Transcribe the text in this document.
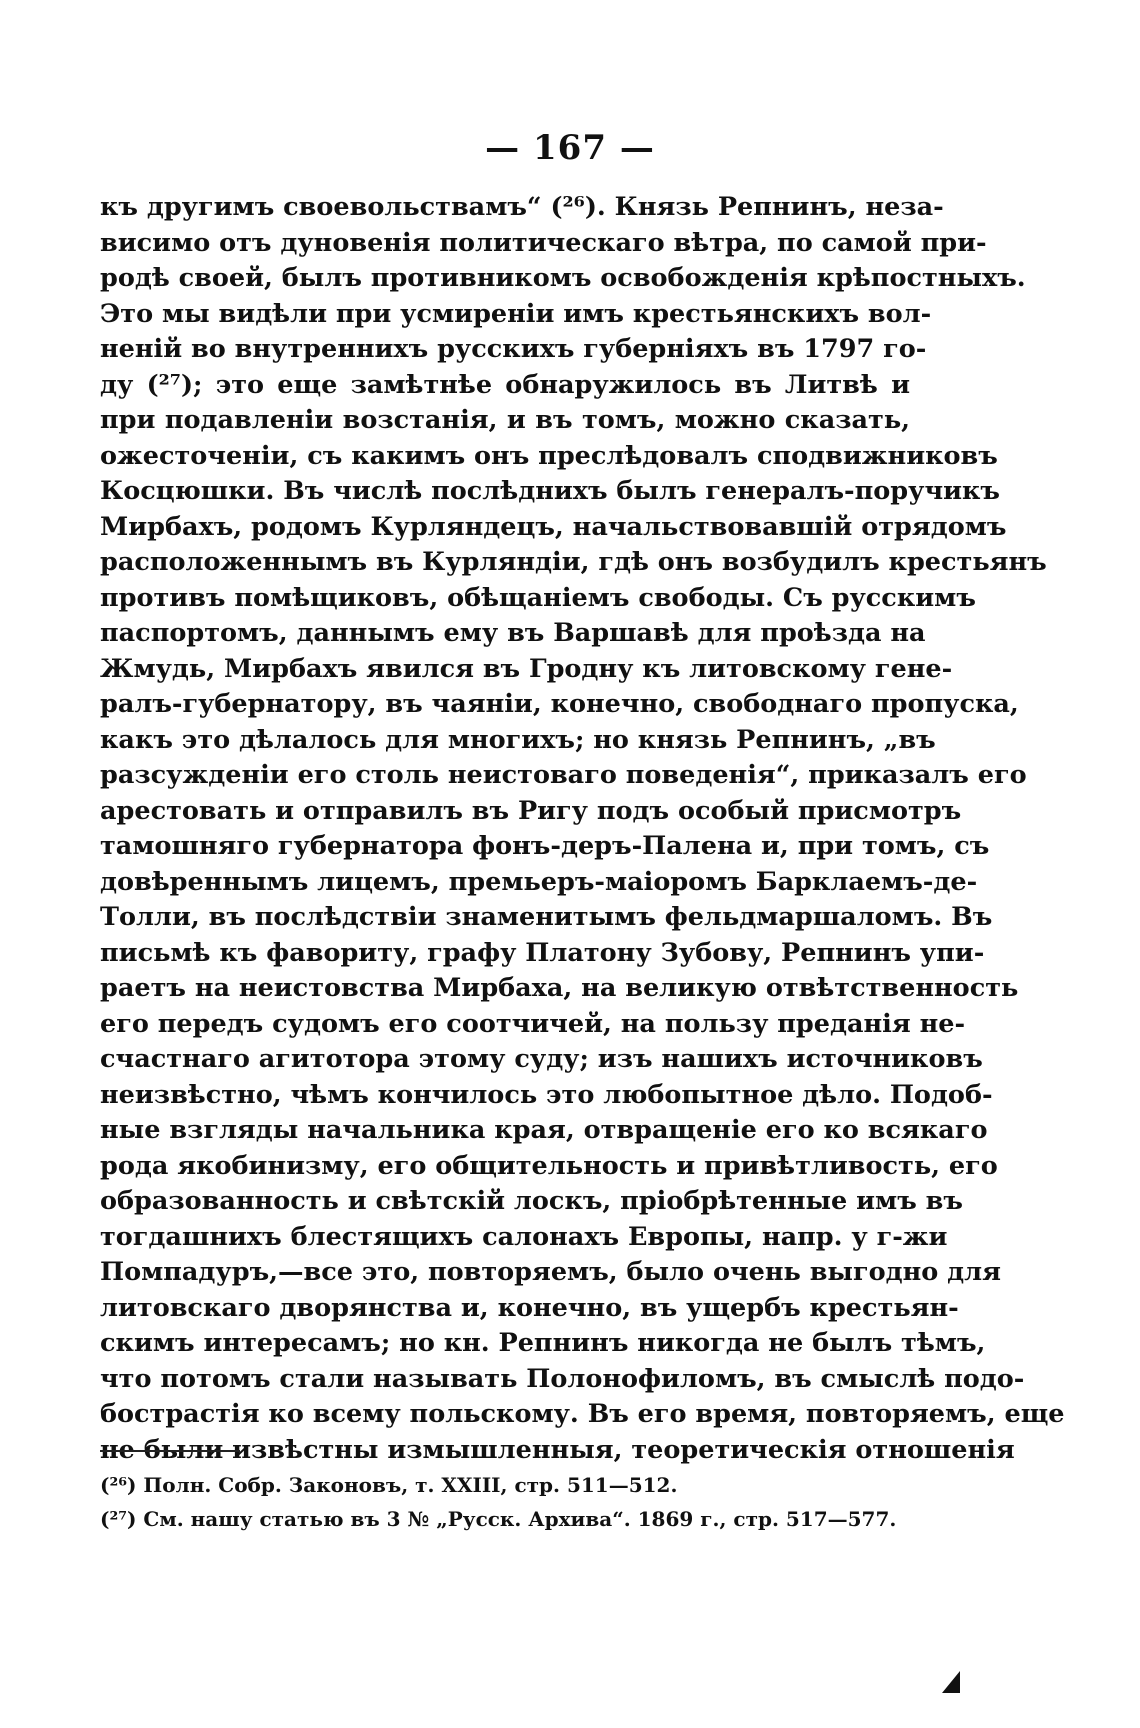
— 167 —
къ другимъ своевольствамъ“ (²⁶). Князь Репнинъ, неза-
висимо отъ дуновенія политическаго вѣтра, по самой при-
родѣ своей, былъ противникомъ освобожденія крѣпостныхъ.
Это мы видѣли при усмиреніи имъ крестьянскихъ вол-
неній во внутреннихъ русскихъ губерніяхъ въ 1797 го-
ду (²⁷); это еще замѣтнѣе обнаружилось въ Литвѣ и
при подавленіи возстанія, и въ томъ, можно сказать,
ожесточеніи, съ какимъ онъ преслѣдовалъ сподвижниковъ
Косцюшки. Въ числѣ послѣднихъ былъ генералъ-поручикъ
Мирбахъ, родомъ Курляндецъ, начальствовавшій отрядомъ
расположеннымъ въ Курляндіи, гдѣ онъ возбудилъ крестьянъ
противъ помѣщиковъ, обѣщаніемъ свободы. Съ русскимъ
паспортомъ, даннымъ ему въ Варшавѣ для проѣзда на
Жмудь, Мирбахъ явился въ Гродну къ литовскому гене-
ралъ-губернатору, въ чаяніи, конечно, свободнаго пропуска,
какъ это дѣлалось для многихъ; но князь Репнинъ, „въ
разсужденіи его столь неистоваго поведенія“, приказалъ его
арестовать и отправилъ въ Ригу подъ особый присмотръ
тамошняго губернатора фонъ-деръ-Палена и, при томъ, съ
довѣреннымъ лицемъ, премьеръ-маіоромъ Барклаемъ-де-
Толли, въ послѣдствіи знаменитымъ фельдмаршаломъ. Въ
письмѣ къ фавориту, графу Платону Зубову, Репнинъ упи-
раетъ на неистовства Мирбаха, на великую отвѣтственность
его передъ судомъ его соотчичей, на пользу преданія не-
счастнаго агитотора этому суду; изъ нашихъ источниковъ
неизвѣстно, чѣмъ кончилось это любопытное дѣло. Подоб-
ные взгляды начальника края, отвращеніе его ко всякаго
рода якобинизму, его общительность и привѣтливость, его
образованность и свѣтскій лоскъ, пріобрѣтенные имъ въ
тогдашнихъ блестящихъ салонахъ Европы, напр. у г-жи
Помпадуръ,—все это, повторяемъ, было очень выгодно для
литовскаго дворянства и, конечно, въ ущербъ крестьян-
скимъ интересамъ; но кн. Репнинъ никогда не былъ тѣмъ,
что потомъ стали называть Полонофиломъ, въ смыслѣ подо-
бострастія ко всему польскому. Въ его время, повторяемъ, еще
не были извѣстны измышленныя, теоретическія отношенія
(²⁶) Полн. Собр. Законовъ, т. XXIII, стр. 511—512.
(²⁷) См. нашу статью въ 3 № „Русск. Архива“. 1869 г., стр. 517—577.
